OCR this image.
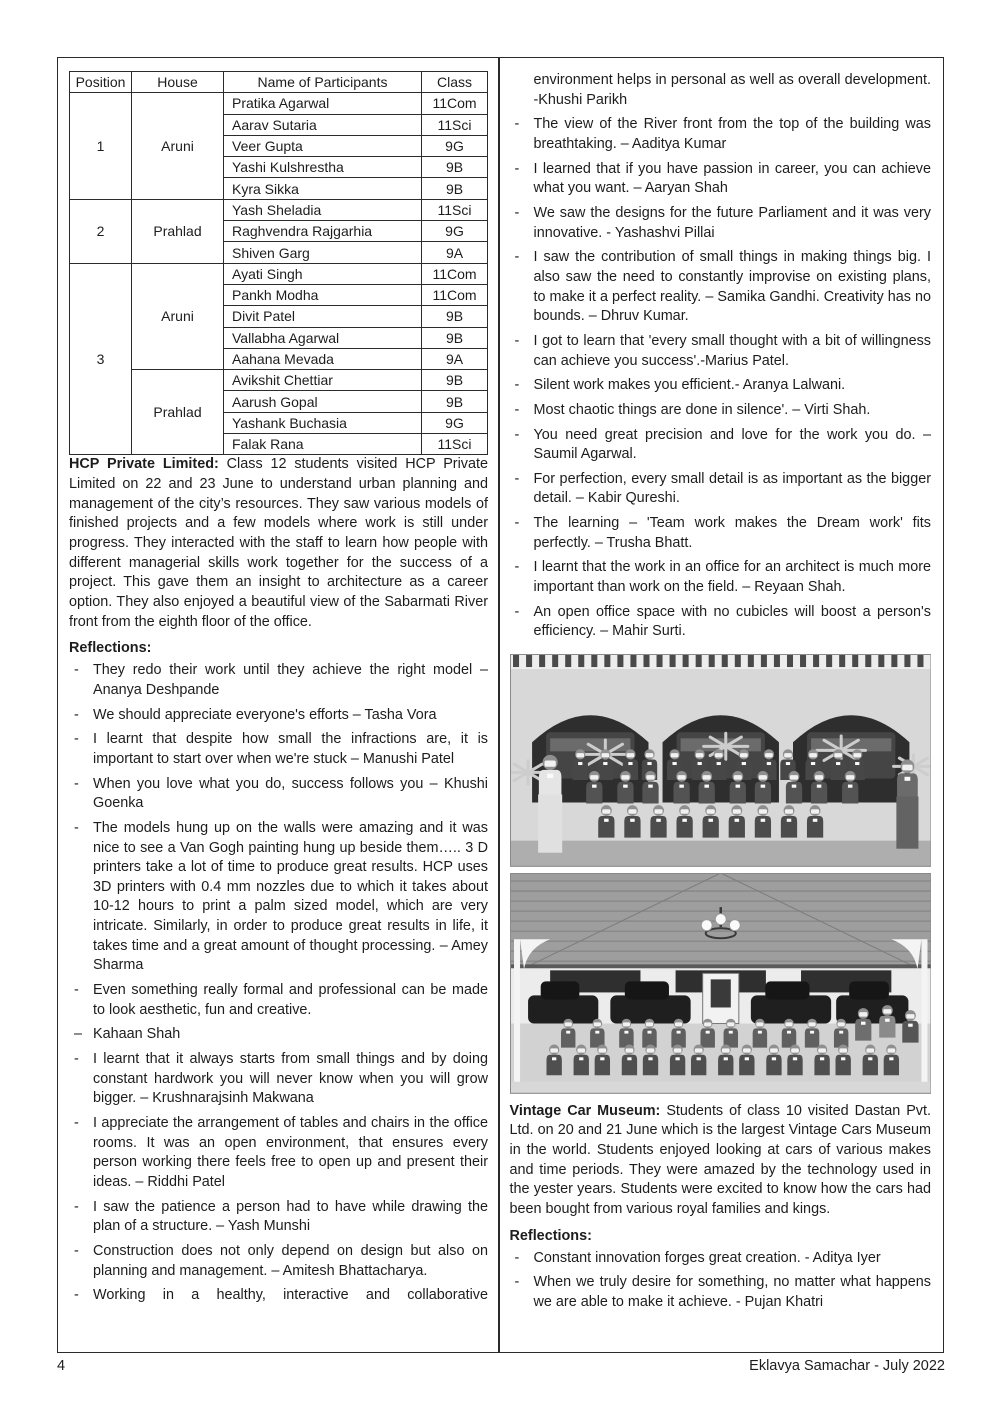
Position	House	Name of Participants	Class
1	Aruni	Pratika Agarwal	11Com
		Aarav Sutaria	11Sci
		Veer Gupta	9G
		Yashi Kulshrestha	9B
		Kyra Sikka	9B
2	Prahlad	Yash Sheladia	11Sci
		Raghvendra Rajgarhia	9G
		Shiven Garg	9A
3	Aruni	Ayati Singh	11Com
		Pankh Modha	11Com
		Divit Patel	9B
		Vallabha Agarwal	9B
		Aahana Mevada	9A
	Prahlad	Avikshit Chettiar	9B
		Aarush Gopal	9B
		Yashank Buchasia	9G
		Falak Rana	11Sci

HCP Private Limited: Class 12 students visited HCP Private Limited on 22 and 23 June to understand urban planning and management of the city’s resources. They saw various models of finished projects and a few models where work is still under progress. They interacted with the staff to learn how people with different managerial skills work together for the success of a project. This gave them an insight to architecture as a career option. They also enjoyed a beautiful view of the Sabarmati River front from the eighth floor of the office.

Reflections:

- They redo their work until they achieve the right model – Ananya Deshpande
- We should appreciate everyone's efforts – Tasha Vora
- I learnt that despite how small the infractions are, it is important to start over when we're stuck – Manushi Patel
- When you love what you do, success follows you – Khushi Goenka
- The models hung up on the walls were amazing and it was nice to see a Van Gogh painting hung up beside them….. 3 D printers take a lot of time to produce great results. HCP uses 3D printers with 0.4 mm nozzles due to which it takes about 10-12 hours to print a palm sized model, which are very intricate. Similarly, in order to produce great results in life, it takes time and a great amount of thought processing. – Amey Sharma
- Even something really formal and professional can be made to look aesthetic, fun and creative.
– Kahaan Shah
- I learnt that it always starts from small things and by doing constant hardwork you will never know when you will grow bigger. – Krushnarajsinh Makwana
- I appreciate the arrangement of tables and chairs in the office rooms. It was an open environment, that ensures every person working there feels free to open up and present their ideas. – Riddhi Patel
- I saw the patience a person had to have while drawing the plan of a structure. – Yash Munshi
- Construction does not only depend on design but also on planning and management. – Amitesh Bhattacharya.
- Working in a healthy, interactive and collaborative

environment helps in personal as well as overall development. -Khushi Parikh

- The view of the River front from the top of the building was breathtaking. – Aaditya Kumar
- I learned that if you have passion in career, you can achieve what you want. – Aaryan Shah
- We saw the designs for the future Parliament and it was very innovative. - Yashashvi Pillai
- I saw the contribution of small things in making things big. I also saw the need to constantly improvise on existing plans, to make it a perfect reality. – Samika Gandhi. Creativity has no bounds. – Dhruv Kumar.
- I got to learn that 'every small thought with a bit of willingness can achieve you success'.-Marius Patel.
- Silent work makes you efficient.- Aranya Lalwani.
- Most chaotic things are done in silence'. – Virti Shah.
- You need great precision and love for the work you do. – Saumil Agarwal.
- For perfection, every small detail is as important as the bigger detail. – Kabir Qureshi.
- The learning – 'Team work makes the Dream work' fits perfectly. – Trusha Bhatt.
- I learnt that the work in an office for an architect is much more important than work on the field. – Reyaan Shah.
- An open office space with no cubicles will boost a person's efficiency. – Mahir Surti.

Vintage Car Museum: Students of class 10 visited Dastan Pvt. Ltd. on 20 and 21 June which is the largest Vintage Cars Museum in the world. Students enjoyed looking at cars of various makes and time periods. They were amazed by the technology used in the yester years. Students were excited to know how the cars had been bought from various royal families and kings.

Reflections:

- Constant innovation forges great creation. - Aditya Iyer
- When we truly desire for something, no matter what happens we are able to make it achieve. - Pujan Khatri
4	Eklavya Samachar - July 2022
